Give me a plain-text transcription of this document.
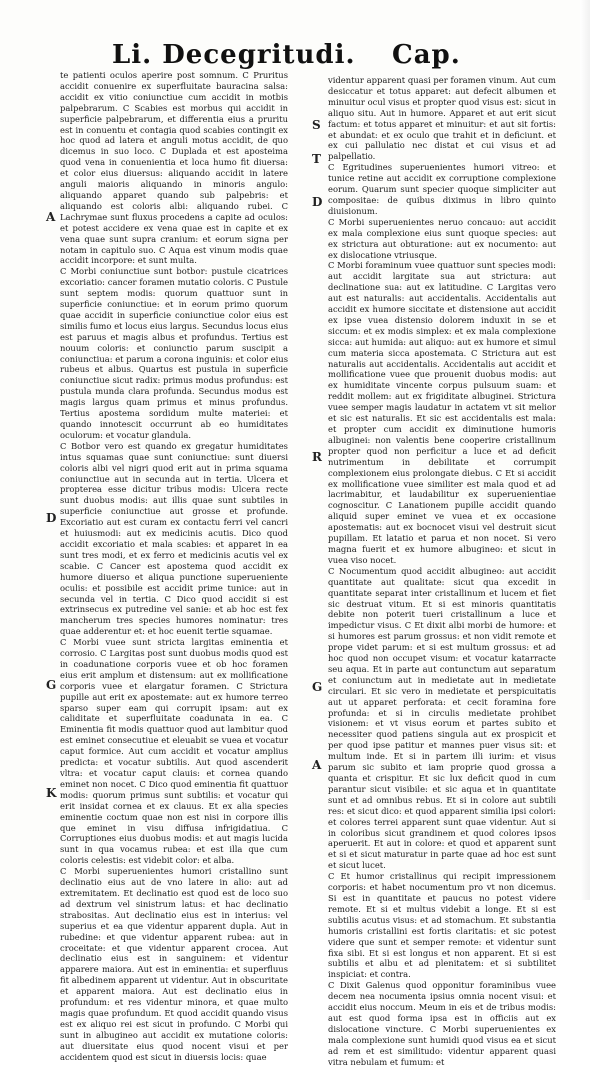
Li. Decegritudi. Cap.
A
D
G
K
S
T
D
R
G
A

te patienti oculos aperire post somnum. C Pruritus accidit conuenire ex superfluitate bauracina salsa: accidit ex vitio coniunctiue cum accidit in motbis palpebrarum. C Scabies est morbus qui accidit in superficie palpebrarum, et differentia eius a pruritu est in conuentu et contagia quod scabies contingit ex hoc quod ad latera et anguli motus accidit, de quo dicemus in suo loco. C Duplada et est aposteima quod vena in conuenientia et loca humo fit diuersa: et color eius diuersus: aliquando accidit in latere anguli maioris aliquando in minoris angulo: aliquando apparet quando sub palpebris: et aliquando est coloris albi: aliquando rubei. C Lachrymae sunt fluxus procedens a capite ad oculos: et potest accidere ex vena quae est in capite et ex vena quae sunt supra cranium: et eorum signa per notam in capitulo suo. C Aqua est vinum modis quae accidit incorpore: et sunt multa.

C Morbi coniunctiue sunt botbor: pustule cicatrices excoriatio: cancer foramen mutatio coloris. C Pustule sunt septem modis: quorum quattuor sunt in superficie coniunctiue: et in eorum primo quorum quae accidit in superficie coniunctiue color eius est similis fumo et locus eius largus. Secundus locus eius est paruus et magis albus et profundus. Tertius est nouum coloris: et coniunctio parum suscipit a coniunctiua: et parum a corona inguinis: et color eius rubeus et albus. Quartus est pustula in superficie coniunctiue sicut radix: primus modus profundus: est pustula munda clara profunda. Secundus modus est magis largus quam primus et minus profundus. Tertius apostema sordidum multe materiei: et quando innotescit occurrunt ab eo humiditates oculorum: et vocatur glandula.

C Botbor vero est quando ex gregatur humiditates intus squamas quae sunt coniunctiue: sunt diuersi coloris albi vel nigri quod erit aut in prima squama coniunctiue aut in secunda aut in tertia. Ulcera et propterea esse dicitur tribus modis: Ulcera recte sunt duobus modis: aut illis quae sunt subtiles in superficie coniunctiue aut grosse et profunde. Excoriatio aut est curam ex contactu ferri vel cancri et huiusmodi: aut ex medicinis acutis. Dico quod accidit excoriatio et mala scabies: et apparet in ea sunt tres modi, et ex ferro et medicinis acutis vel ex scabie. C Cancer est apostema quod accidit ex humore diuerso et aliqua punctione superueniente oculis: et possibile est accidit prime tunice: aut in secunda vel in tertia. C Dico quod accidit si est extrinsecus ex putredine vel sanie: et ab hoc est fex mancherum tres species humores nominatur: tres quae adderentur et: et hoc euenit tertie squamae.

C Morbi vuee sunt stricta largitas eminentia et corrosio. C Largitas post sunt duobus modis quod est in coadunatione corporis vuee et ob hoc foramen eius erit amplum et distensum: aut ex mollificatione corporis vuee et elargatur foramen. C Strictura pupille aut erit ex apostemate: aut ex humore terreo sparso super eam qui corrupit ipsam: aut ex caliditate et superfluitate coadunata in ea. C Eminentia fit modis quattuor quod aut lambitur quod est eminet consecutiue et eleuabit se vuea et vocatur caput formice. Aut cum accidit et vocatur amplius predicta: et vocatur subtilis. Aut quod ascenderit vltra: et vocatur caput clauis: et cornea quando eminet non nocet. C Dico quod eminentia fit quattuor modis: quorum primus sunt subtilis: et vocatur qui erit insidat cornea et ex clauus. Et ex alia species eminentie coctum quae non est nisi in corpore illis que eminet in visu diffusa infrigidatiua. C Corruptiones eius duobus modis: et aut magis lucida sunt in qua vocamus rubea: et est illa que cum coloris celestis: est videbit color: et alba.

C Morbi superuenientes humori cristallino sunt declinatio eius aut de vno latere in alio: aut ad extremitatem. Et declinatio est quod est de loco suo ad dextrum vel sinistrum latus: et hac declinatio strabositas. Aut declinatio eius est in interius: vel superius et ea que videntur apparent dupla. Aut in rubedine: et que videntur apparent rubea: aut in croceitate: et que videntur apparent crocea. Aut declinatio eius est in sanguinem: et videntur apparere maiora. Aut est in eminentia: et superfluus fit albedinem apparent ut videntur. Aut in obscuritate et apparent maiora. Aut est declinatio eius in profundum: et res videntur minora, et quae multo magis quae profundum. Et quod accidit quando visus est ex aliquo rei est sicut in profundo. C Morbi qui sunt in albugineo aut accidit ex mutatione coloris: aut diuersitate eius quod nocent visui et per accidentem quod est sicut in diuersis locis: quae

videntur apparent quasi per foramen vinum. Aut cum desiccatur et totus apparet: aut defecit albumen et minuitur ocul visus et propter quod visus est: sicut in aliquo situ. Aut in humore. Apparet et aut erit sicut factum: et totus apparet et minuitur: et aut sit fortis: et abundat: et ex oculo que trahit et in deficiunt. et ex cui pallulatio nec distat et cui visus et ad palpellatio.

C Egritudines superuenientes humori vitreo: et tunice retine aut accidit ex corruptione complexione eorum. Quarum sunt specier quoque simpliciter aut compositae: de quibus diximus in libro quinto diuisionum.

C Morbi superuenientes neruo concauo: aut accidit ex mala complexione eius sunt quoque species: aut ex strictura aut obturatione: aut ex nocumento: aut ex dislocatione vtriusque.

C Morbi foraminum vuee quattuor sunt species modi: aut accidit largitate sua aut strictura: aut declinatione sua: aut ex latitudine. C Largitas vero aut est naturalis: aut accidentalis. Accidentalis aut accidit ex humore siccitate et distensione aut accidit ex ipse vuea distensio dolorem induxit in se et siccum: et ex modis simplex: et ex mala complexione sicca: aut humida: aut aliquo: aut ex humore et simul cum materia sicca apostemata. C Strictura aut est naturalis aut accidentalis. Accidentalis aut accidit et mollificatione vuee que prouenit duobus modis: aut ex humiditate vincente corpus pulsuum suam: et reddit mollem: aut ex frigiditate albuginei. Strictura vuee semper magis laudatur in actatem vt sit melior et sic est naturalis. Et sic est accidentalis est mala: et propter cum accidit ex diminutione humoris albuginei: non valentis bene cooperire cristallinum propter quod non perficitur a luce et ad deficit nutrimentum in debilitate et corrumpit complexionem eius prolongate diebus. C Et si accidit ex mollificatione vuee similiter est mala quod et ad lacrimabitur, et laudabilitur ex superuenientiae cognoscitur. C Lanationem pupille accidit quando aliquid super eminet ve vuea et ex occasione apostematis: aut ex bocnocet visui vel destruit sicut pupillam. Et latatio et parua et non nocet. Si vero magna fuerit et ex humore albugineo: et sicut in vuea viso nocet.

C Nocumentum quod accidit albugineo: aut accidit quantitate aut qualitate: sicut qua excedit in quantitate separat inter cristallinum et lucem et fiet sic destruat vitum. Et si est minoris quantitatis debite non poterit tueri cristallinum a luce et impedictur visus. C Et dixit albi morbi de humore: et si humores est parum grossus: et non vidit remote et prope videt parum: et si est multum grossus: et ad hoc quod non occupet visum: et vocatur katarracte seu aqua. Et in parte aut contunctum aut separatum et coniunctum aut in medietate aut in medietate circulari. Et sic vero in medietate et perspicuitatis aut ut apparet perforata: et cecit foramina fore profunda: et si in circulis medietate prohibet visionem: et vt visus eorum et partes subito et necessiter quod patiens singula aut ex prospicit et per quod ipse patitur et mannes puer visus sit: et multum inde. Et si in partem illi iurim: et visus parum sic subito et iam proprie quod grossa a quanta et crispitur. Et sic lux deficit quod in cum parantur sicut visibile: et sic aqua et in quantitate sunt et ad omnibus rebus. Et si in colore aut subtili res: et sicut dico: et quod apparent similia ipsi colori: et colores terrei apparent sunt quae videntur. Aut si in coloribus sicut grandinem et quod colores ipsos aperuerit. Et aut in colore: et quod et apparent sunt et si et sicut maturatur in parte quae ad hoc est sunt et sicut lucet.

C Et humor cristallinus qui recipit impressionem corporis: et habet nocumentum pro vt non dicemus. Si est in quantitate et paucus no potest videre remote. Et si et multus videbit a longe. Et si est subtilis acutus visus: et ad stomachum. Et substantia humoris cristallini est fortis claritatis: et sic potest videre que sunt et semper remote: et videntur sunt fixa sibi. Et si est longus et non apparent. Et si est subtilis et albu et ad plenitatem: et si subtilitet inspiciat: et contra.

C Dixit Galenus quod opponitur foraminibus vuee decem nea nocumenta ipsius omnia nocent visui: et accidit eius noccum. Meum in eis et de tribus modis: aut est quod forma ipsa est in officiis aut ex dislocatione vincture. C Morbi superuenientes ex mala complexione sunt humidi quod visus ea et sicut ad rem et est similitudo: videntur apparent quasi vitra nebulam et fumum: et
